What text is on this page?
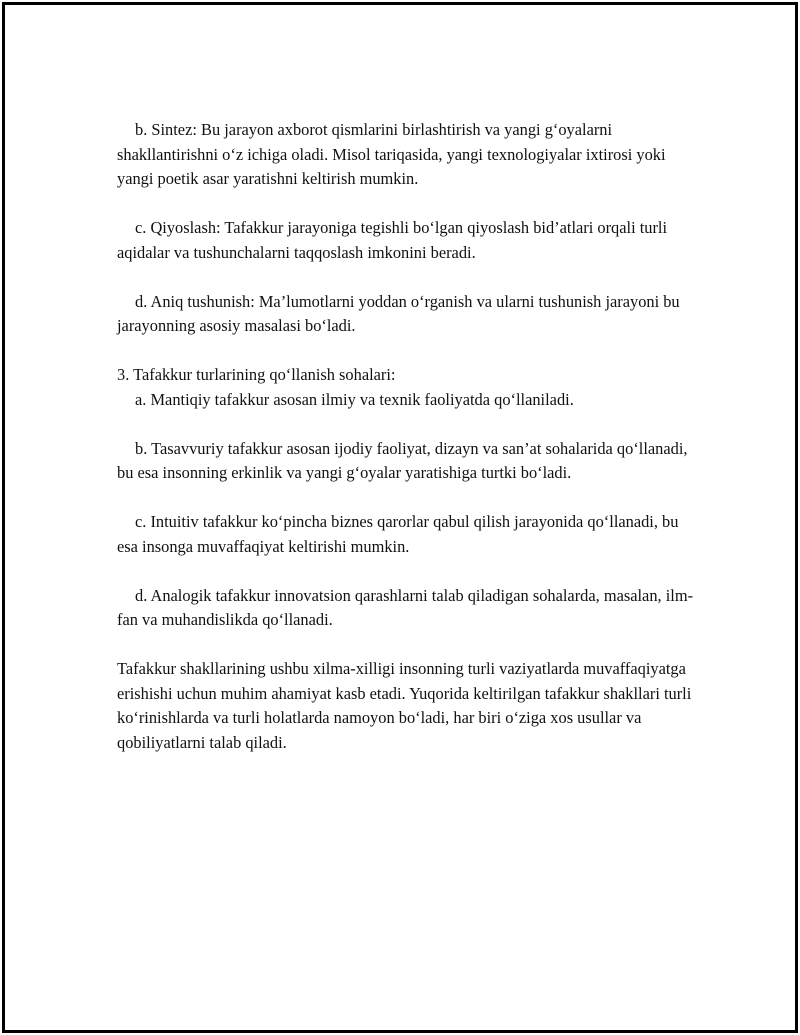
b. Sintez: Bu jarayon axborot qismlarini birlashtirish va yangi g‘oyalarni shakllantirishni o‘z ichiga oladi. Misol tariqasida, yangi texnologiyalar ixtirosi yoki yangi poetik asar yaratishni keltirish mumkin.

c. Qiyoslash: Tafakkur jarayoniga tegishli bo‘lgan qiyoslash bid’atlari orqali turli aqidalar va tushunchalarni taqqoslash imkonini beradi.

d. Aniq tushunish: Ma’lumotlarni yoddan o‘rganish va ularni tushunish jarayoni bu jarayonning asosiy masalasi bo‘ladi.

3. Tafakkur turlarining qo‘llanish sohalari:

a. Mantiqiy tafakkur asosan ilmiy va texnik faoliyatda qo‘llaniladi.

b. Tasavvuriy tafakkur asosan ijodiy faoliyat, dizayn va san’at sohalarida qo‘llanadi, bu esa insonning erkinlik va yangi g‘oyalar yaratishiga turtki bo‘ladi.

c. Intuitiv tafakkur ko‘pincha biznes qarorlar qabul qilish jarayonida qo‘llanadi, bu esa insonga muvaffaqiyat keltirishi mumkin.

d. Analogik tafakkur innovatsion qarashlarni talab qiladigan sohalarda, masalan, ilm-fan va muhandislikda qo‘llanadi.

Tafakkur shakllarining ushbu xilma-xilligi insonning turli vaziyatlarda muvaffaqiyatga erishishi uchun muhim ahamiyat kasb etadi. Yuqorida keltirilgan tafakkur shakllari turli ko‘rinishlarda va turli holatlarda namoyon bo‘ladi, har biri o‘ziga xos usullar va qobiliyatlarni talab qiladi.
